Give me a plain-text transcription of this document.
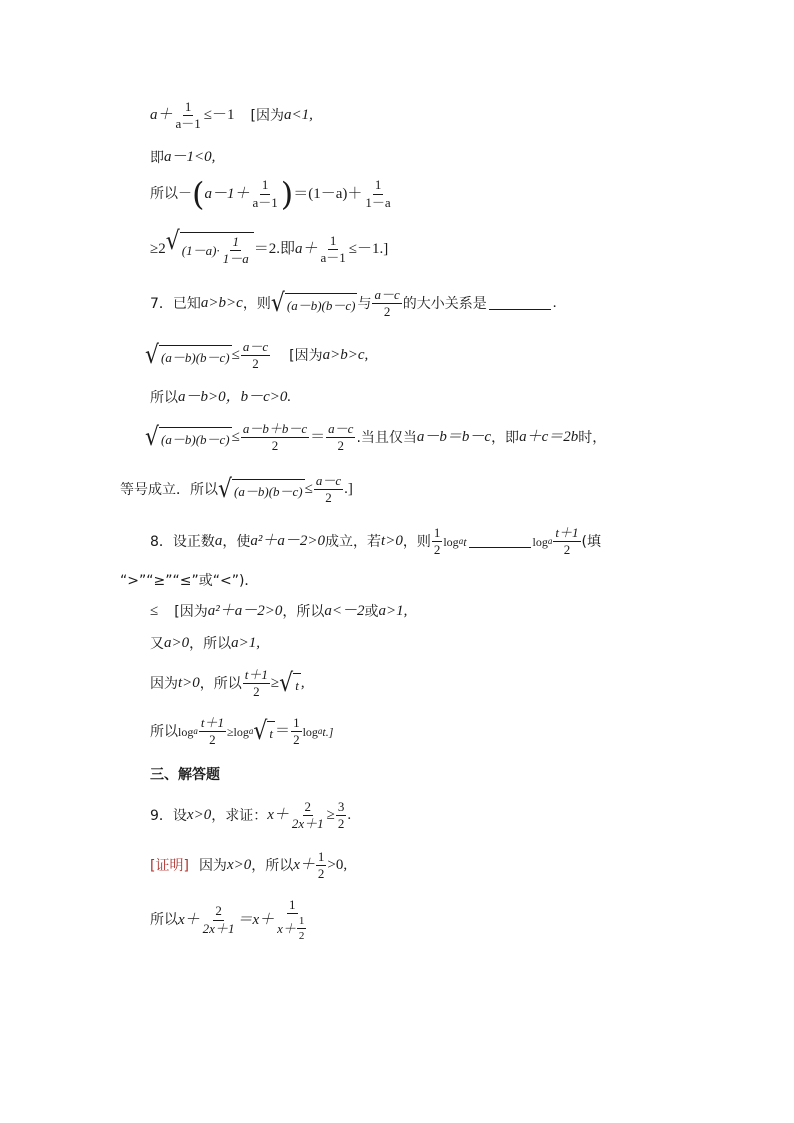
$a+ \frac{1}{a-1} \le-1$ [因为 a<1,
即 a－1<0,
所以－ ( $a-1+ \frac{1}{a-1}$ ) $=(1-a)+ \frac{1}{1-a}$
≥2 √ $(1-a)\cdot \frac{1}{1-a} =2$.即 $a+ \frac{1}{a-1} \le-1$.]
7．已知 a>b>c ，则 √ (a－b)(b－c) 与 $\frac{a-c}{2}$ 的大小关系是	.
√ $(a-b)(b-c) \le \frac{a-c}{2}$ [因为 a>b>c,
所以 a－b>0，b－c>0.
√ $(a-b)(b-c) \le \frac{a-b+b-c}{2} = \frac{a-c}{2}$ .当且仅当 a－b＝b－c ，即 a＋c＝2b 时，
等号成立．所以 √ $(a-b)(b-c) \le \frac{a-c}{2}$ .]
8．设正数 a ，使 a²＋a－2>0 成立，若 t>0 ，则 $\frac{1}{2}$ log a t	log a $\frac{t+1}{2}$ (填
“>”“≥”“≤”或“<”)．
≤ [因为 a²＋a－2>0 ，所以 a<－2 或 a>1,
又 a>0 ，所以 a>1,
因为 t>0 ，所以 $\frac{t+1}{2}$ ≥ √ t ,
所以 log a $\frac{t+1}{2} \ge\log$ a √ $t = \frac{1}{2}$ log a t.]
三、解答题
9．设 x>0 ，求证： $x+ \frac{2}{2x+1} \ge \frac{3}{2}$ .
[证明] 因为 x>0 ，所以 $x+ \frac{1}{2} >0$,
所以 $x+ \frac{2}{2x+1} =x+ \frac{1}{x+ \frac{1}{2}}$
